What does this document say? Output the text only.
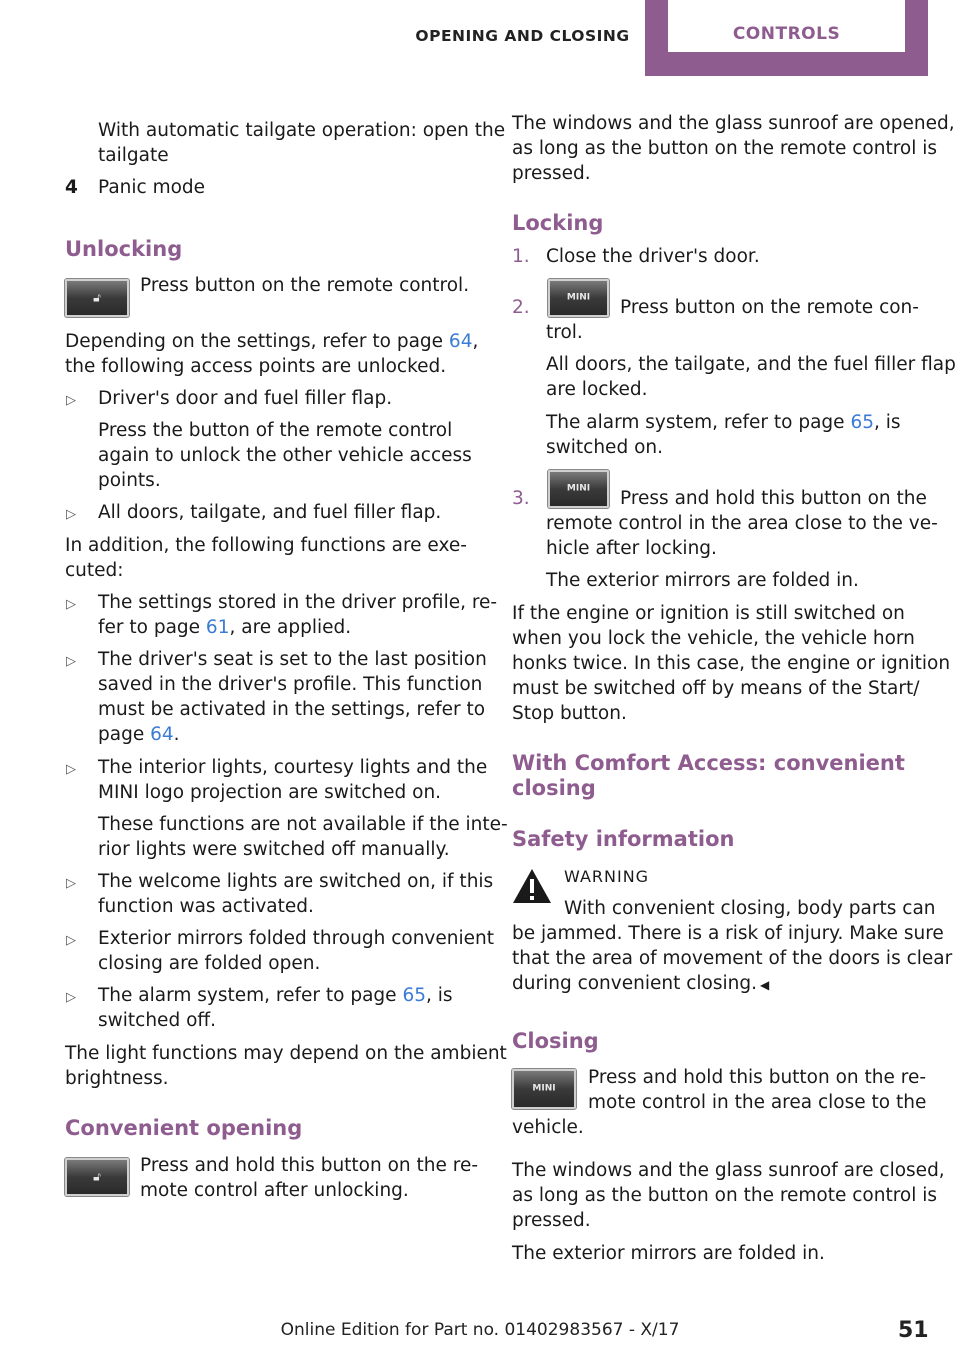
OPENING AND CLOSING	CONTROLS
With automatic tailgate operation: open the
tailgate
4 Panic mode
Unlocking
🔓︎
Press button on the remote control.
Depending on the settings, refer to page 64,
the following access points are unlocked.
▷ Driver's door and fuel filler flap.
Press the button of the remote control
again to unlock the other vehicle access
points.
▷ All doors, tailgate, and fuel filler flap.
In addition, the following functions are exe‐
cuted:
▷ The settings stored in the driver profile, re‐
fer to page 61, are applied.
▷ The driver's seat is set to the last position
saved in the driver's profile. This function
must be activated in the settings, refer to
page 64.
▷ The interior lights, courtesy lights and the
MINI logo projection are switched on.
These functions are not available if the inte‐
rior lights were switched off manually.
▷ The welcome lights are switched on, if this
function was activated.
▷ Exterior mirrors folded through convenient
closing are folded open.
▷ The alarm system, refer to page 65, is
switched off.
The light functions may depend on the ambient
brightness.
Convenient opening
🔓︎
Press and hold this button on the re‐
mote control after unlocking.
The windows and the glass sunroof are opened,
as long as the button on the remote control is
pressed.
Locking
1. Close the driver's door.
2.	MINI	Press button on the remote con‐
trol.
All doors, the tailgate, and the fuel filler flap
are locked.
The alarm system, refer to page 65, is
switched on.
3.	MINI	Press and hold this button on the
remote control in the area close to the ve‐
hicle after locking.
The exterior mirrors are folded in.
If the engine or ignition is still switched on
when you lock the vehicle, the vehicle horn
honks twice. In this case, the engine or ignition
must be switched off by means of the Start/
Stop button.
With Comfort Access: convenient
closing
Safety information
WARNING
With convenient closing, body parts can
be jammed. There is a risk of injury. Make sure
that the area of movement of the doors is clear
during convenient closing. ◀
Closing
MINI
Press and hold this button on the re‐
mote control in the area close to the
vehicle.
The windows and the glass sunroof are closed,
as long as the button on the remote control is
pressed.
The exterior mirrors are folded in.
Online Edition for Part no. 01402983567 - X/17	51
